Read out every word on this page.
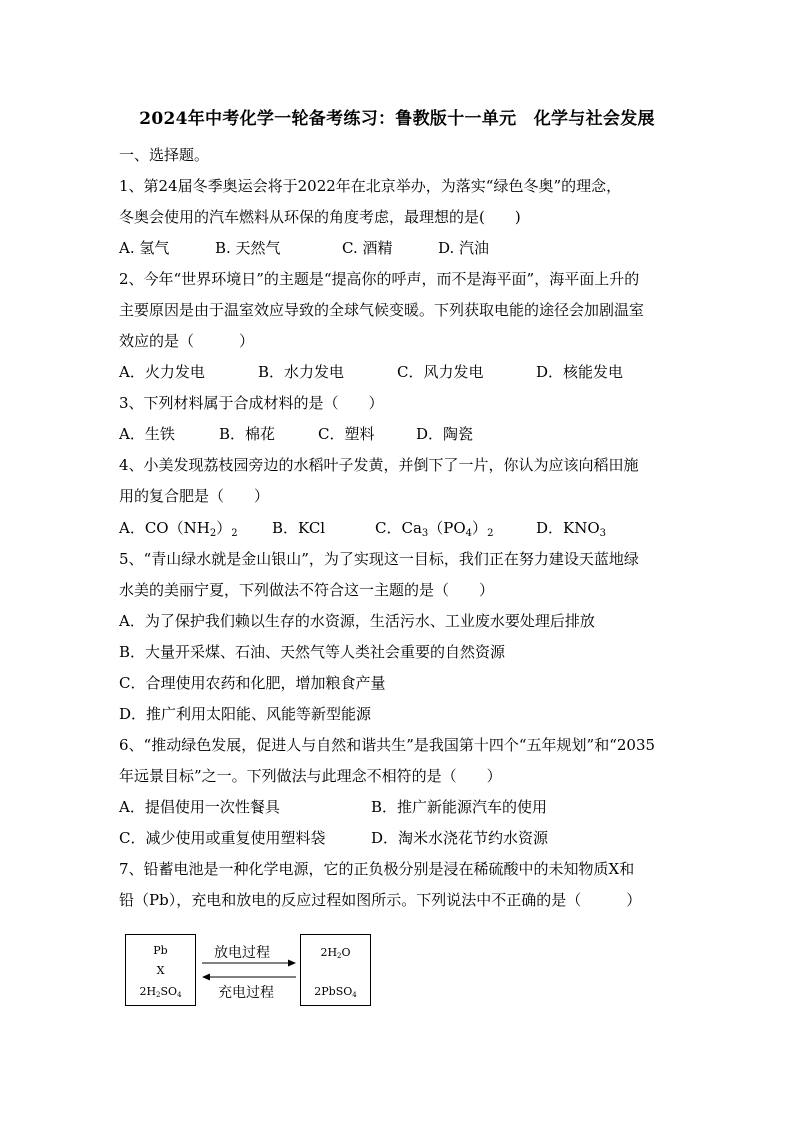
2024年中考化学一轮备考练习：鲁教版十一单元　化学与社会发展
一、选择题。
1、第24届冬季奥运会将于2022年在北京举办，为落实“绿色冬奥”的理念，
冬奥会使用的汽车燃料从环保的角度考虑，最理想的是(　　)
A. 氢气	B. 天然气	C. 酒精	D. 汽油
2、今年“世界环境日”的主题是“提高你的呼声，而不是海平面”，海平面上升的
主要原因是由于温室效应导致的全球气候变暖。下列获取电能的途径会加剧温室
效应的是（　　　）
A．火力发电	B．水力发电	C．风力发电	D．核能发电
3、下列材料属于合成材料的是（　　）
A．生铁	B．棉花	C．塑料	D．陶瓷
4、小美发现荔枝园旁边的水稻叶子发黄，并倒下了一片，你认为应该向稻田施
用的复合肥是（　　）
A．$CO(NH_2)_2$ B．KCl	C．$Ca_3(PO_4)_2$	D．$KNO_3$
5、“青山绿水就是金山银山”，为了实现这一目标，我们正在努力建设天蓝地绿
水美的美丽宁夏，下列做法不符合这一主题的是（　　）
A．为了保护我们赖以生存的水资源，生活污水、工业废水要处理后排放
B．大量开采煤、石油、天然气等人类社会重要的自然资源
C．合理使用农药和化肥，增加粮食产量
D．推广利用太阳能、风能等新型能源
6、“推动绿色发展，促进人与自然和谐共生”是我国第十四个“五年规划”和“2035
年远景目标”之一。下列做法与此理念不相符的是（　　）
A．提倡使用一次性餐具	B．推广新能源汽车的使用
C．减少使用或重复使用塑料袋	D．淘米水浇花节约水资源
7、铅蓄电池是一种化学电源，它的正负极分别是浸在稀硫酸中的未知物质X和
铅（Pb），充电和放电的反应过程如图所示。下列说法中不正确的是（　　　）
Pb
X
$2H_2SO_4$
放电过程
充电过程
$2H_2O$
2PbSO$_4$
